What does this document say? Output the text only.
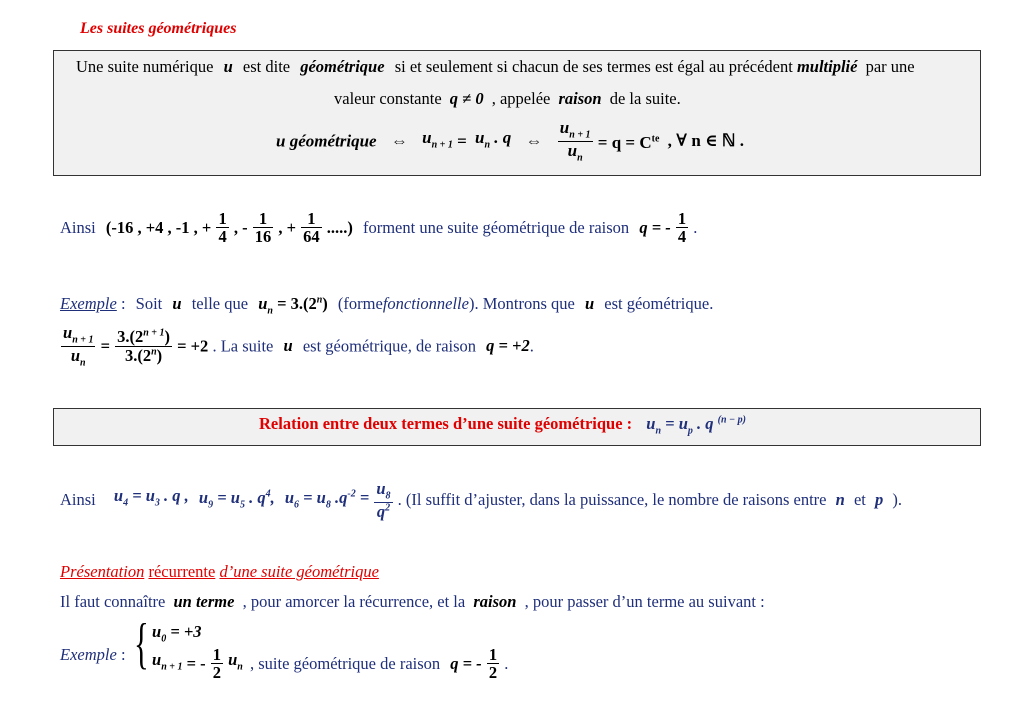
Les suites géométriques
Une suite numérique u est dite géométrique si et seulement si chacun de ses termes est égal au précédent multiplié par une
valeur constante q ≠ 0 , appelée raison de la suite.
u géométrique ⇔ $u_{n + 1} = u_n$ . q ⇔ $\frac{u_{n + 1}}{u_n} = q = C^{te}$ , ∀ n ∈ ℕ .
Ainsi (-16 , +4 , -1 , + $\frac{1}{4}$ , - $\frac{1}{16}$ , + $\frac{1}{64}$ .....) forment une suite géométrique de raison q = - $\frac{1}{4}$ .
Exemple : Soit u telle que $u_n = 3.(2^n)$ (formefonctionnelle). Montrons que u est géométrique.
$\frac{u_{n + 1}}{u_n} = \frac{3.(2^{n + 1})}{3.(2^n)} = +2$ . La suite u est géométrique, de raison q = +2.
Relation entre deux termes d’une suite géométrique : $u_n = u_p$ . q $^{(n - p)}$
Ainsi $u_4 = u_3$ . q , $u_9 = u_5$ . $q^4$, $u_6 = u_8$ $.q^{-2} = \frac{u_8}{q^2}$ . (Il suffit d’ajuster, dans la puissance, le nombre de raisons entre n et p ).
Présentation récurrente d’une suite géométrique
Il faut connaître un terme , pour amorcer la récurrence, et la raison , pour passer d’un terme au suivant :
Exemple : { $u_0 = +3$
$u_{n + 1}$ = - $\frac{1}{2} u_n$ , suite géométrique de raison q = - $\frac{1}{2}$ .
